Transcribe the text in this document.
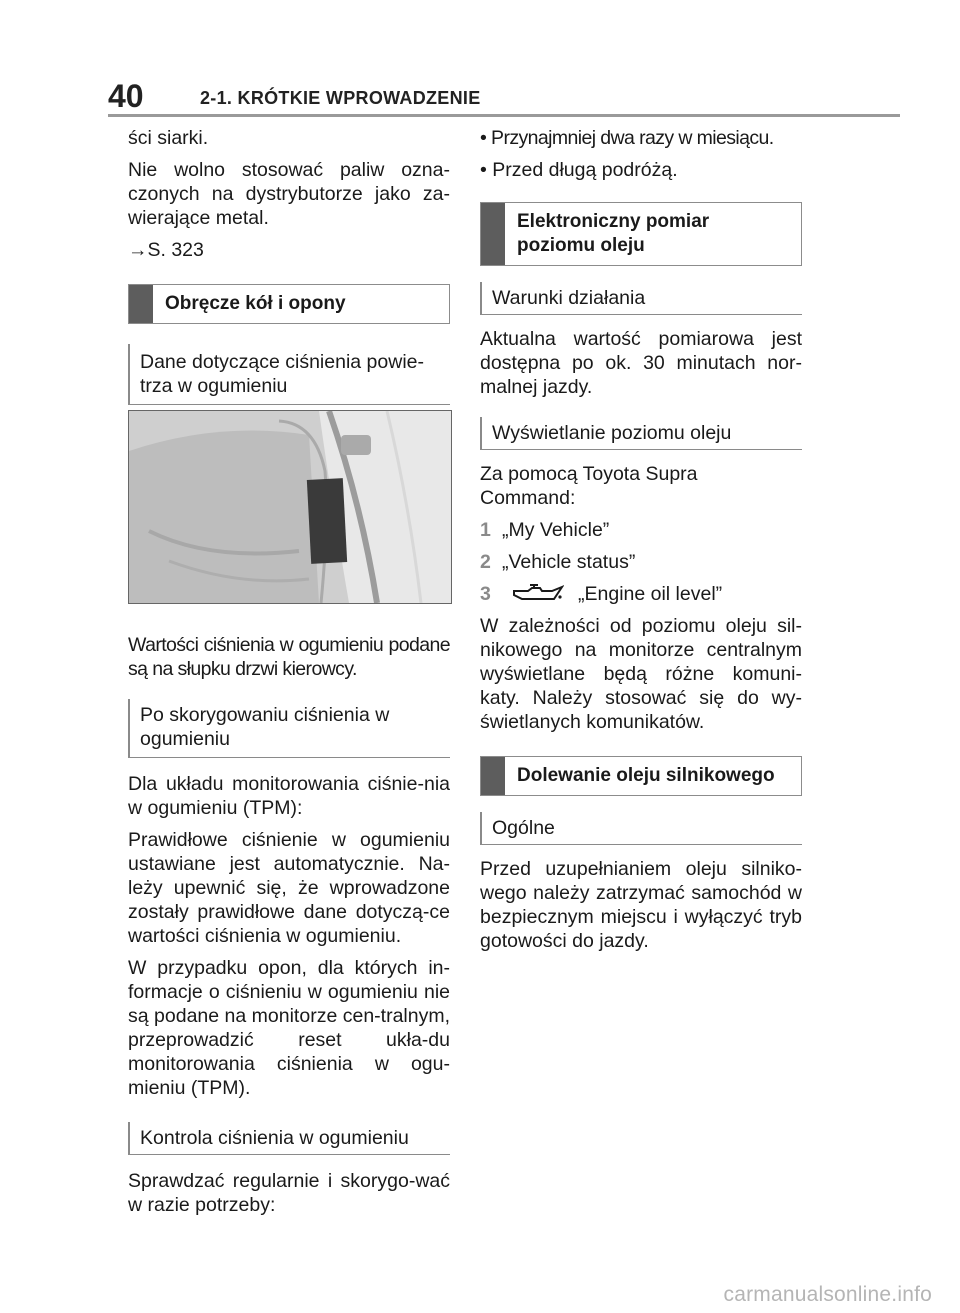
40	2-1. KRÓTKIE WPROWADZENIE

ści siarki.

Nie wolno stosować paliw ozna-czonych na dystrybutorze jako za-wierające metal.

→S. 323

Obręcze kół i opony
Dane dotyczące ciśnienia powie-trza w ogumieniu

Wartości ciśnienia w ogumieniu podane są na słupku drzwi kierowcy.

Po skorygowaniu ciśnienia w ogumieniu

Dla układu monitorowania ciśnie-nia w ogumieniu (TPM):

Prawidłowe ciśnienie w ogumieniu ustawiane jest automatycznie. Na-leży upewnić się, że wprowadzone zostały prawidłowe dane dotyczą-ce wartości ciśnienia w ogumieniu.

W przypadku opon, dla których in-formacje o ciśnieniu w ogumieniu nie są podane na monitorze cen-tralnym, przeprowadzić reset ukła-du monitorowania ciśnienia w ogu-mieniu (TPM).

Kontrola ciśnienia w ogumieniu

Sprawdzać regularnie i skorygo-wać w razie potrzeby:

• Przynajmniej dwa razy w miesiącu.

• Przed długą podróżą.

Elektroniczny pomiar poziomu oleju
Warunki działania

Aktualna wartość pomiarowa jest dostępna po ok. 30 minutach nor-malnej jazdy.

Wyświetlanie poziomu oleju

Za pomocą Toyota Supra Command:

1 „My Vehicle”
2 „Vehicle status”
3	„Engine oil level”

W zależności od poziomu oleju sil-nikowego na monitorze centralnym wyświetlane będą różne komuni-katy. Należy stosować się do wy-świetlanych komunikatów.

Dolewanie oleju silnikowego
Ogólne

Przed uzupełnianiem oleju silniko-wego należy zatrzymać samochód w bezpiecznym miejscu i wyłączyć tryb gotowości do jazdy.

carmanualsonline.info
